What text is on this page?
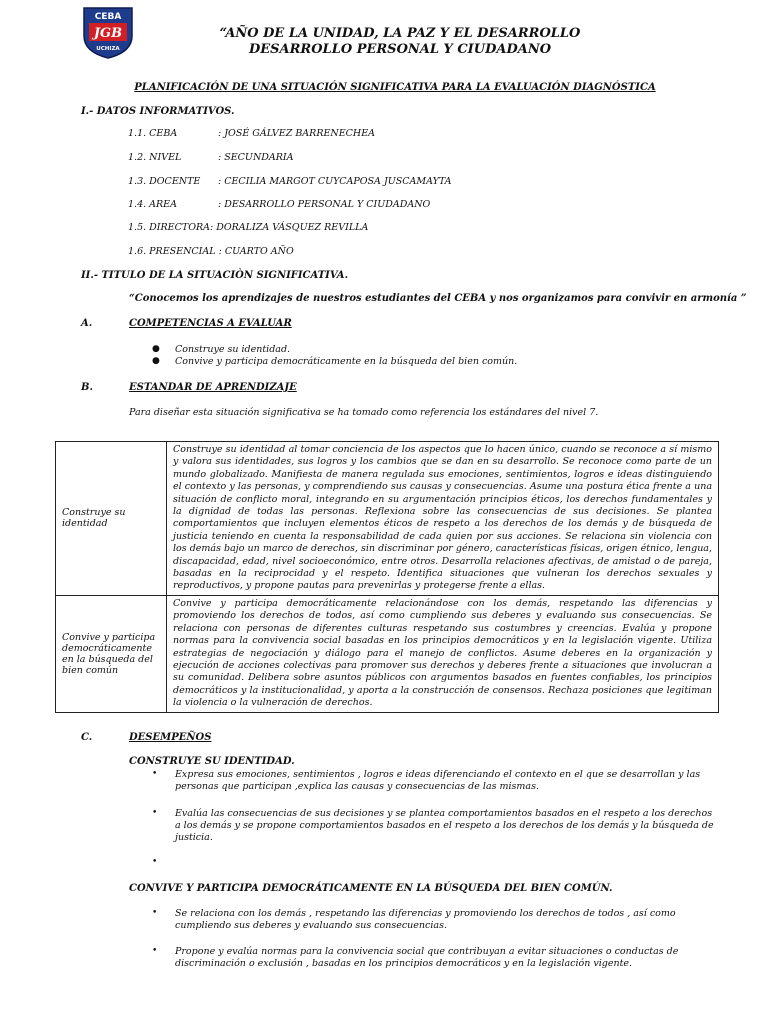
CEBA
JGB
UCHIZA
“AÑO DE LA UNIDAD, LA PAZ Y EL DESARROLLO
DESARROLLO PERSONAL Y CIUDADANO
PLANIFICACIÓN DE UNA SITUACIÓN SIGNIFICATIVA PARA LA EVALUACIÓN DIAGNÓSTICA
I.- DATOS INFORMATIVOS.
1.1. CEBA	: JOSÉ GÁLVEZ BARRENECHEA
1.2. NIVEL	: SECUNDARIA
1.3. DOCENTE : CECILIA MARGOT CUYCAPOSA JUSCAMAYTA
1.4. AREA	: DESARROLLO PERSONAL Y CIUDADANO
1.5. DIRECTORA: DORALIZA VÁSQUEZ REVILLA
1.6. PRESENCIAL : CUARTO AÑO
II.- TITULO DE LA SITUACIÒN SIGNIFICATIVA.
“Conocemos los aprendizajes de nuestros estudiantes del CEBA y nos organizamos para convivir en armonía ”
A.	COMPETENCIAS A EVALUAR
● Construye su identidad.
● Convive y participa democráticamente en la búsqueda del bien común.
B.	ESTANDAR DE APRENDIZAJE
Para diseñar esta situación significativa se ha tomado como referencia los estándares del nivel 7.
Construye su identidad	Construye su identidad al tomar conciencia de los aspectos que lo hacen único, cuando se reconoce a sí mismo y valora sus identidades, sus logros y los cambios que se dan en su desarrollo. Se reconoce como parte de un mundo globalizado. Manifiesta de manera regulada sus emociones, sentimientos, logros e ideas distinguiendo el contexto y las personas, y comprendiendo sus causas y consecuencias. Asume una postura ética frente a una situación de conflicto moral, integrando en su argumentación principios éticos, los derechos fundamentales y la dignidad de todas las personas. Reflexiona sobre las consecuencias de sus decisiones. Se plantea comportamientos que incluyen elementos éticos de respeto a los derechos de los demás y de búsqueda de justicia teniendo en cuenta la responsabilidad de cada quien por sus acciones. Se relaciona sin violencia con los demás bajo un marco de derechos, sin discriminar por género, características físicas, origen étnico, lengua, discapacidad, edad, nivel socioeconómico, entre otros. Desarrolla relaciones afectivas, de amistad o de pareja, basadas en la reciprocidad y el respeto. Identifica situaciones que vulneran los derechos sexuales y reproductivos, y propone pautas para prevenirlas y protegerse frente a ellas.
Convive y participa democráticamente en la búsqueda del bien común	Convive y participa democráticamente relacionándose con los demás, respetando las diferencias y promoviendo los derechos de todos, así como cumpliendo sus deberes y evaluando sus consecuencias. Se relaciona con personas de diferentes culturas respetando sus costumbres y creencias. Evalúa y propone normas para la convivencia social basadas en los principios democráticos y en la legislación vigente. Utiliza estrategias de negociación y diálogo para el manejo de conflictos. Asume deberes en la organización y ejecución de acciones colectivas para promover sus derechos y deberes frente a situaciones que involucran a su comunidad. Delibera sobre asuntos públicos con argumentos basados en fuentes confiables, los principios democráticos y la institucionalidad, y aporta a la construcción de consensos. Rechaza posiciones que legitiman la violencia o la vulneración de derechos.
C.	DESEMPEÑOS
CONSTRUYE SU IDENTIDAD.
• Expresa sus emociones, sentimientos , logros e ideas diferenciando el contexto en el que se desarrollan y las personas que participan ,explica las causas y consecuencias de las mismas.
• Evalúa las consecuencias de sus decisiones y se plantea comportamientos basados en el respeto a los derechos a los demás y se propone comportamientos basados en el respeto a los derechos de los demás y la búsqueda de justicia.
•
CONVIVE Y PARTICIPA DEMOCRÁTICAMENTE EN LA BÚSQUEDA DEL BIEN COMÚN.
• Se relaciona con los demás , respetando las diferencias y promoviendo los derechos de todos , así como cumpliendo sus deberes y evaluando sus consecuencias.
• Propone y evalúa normas para la convivencia social que contribuyan a evitar situaciones o conductas de discriminación o exclusión , basadas en los principios democráticos y en la legislación vigente.
